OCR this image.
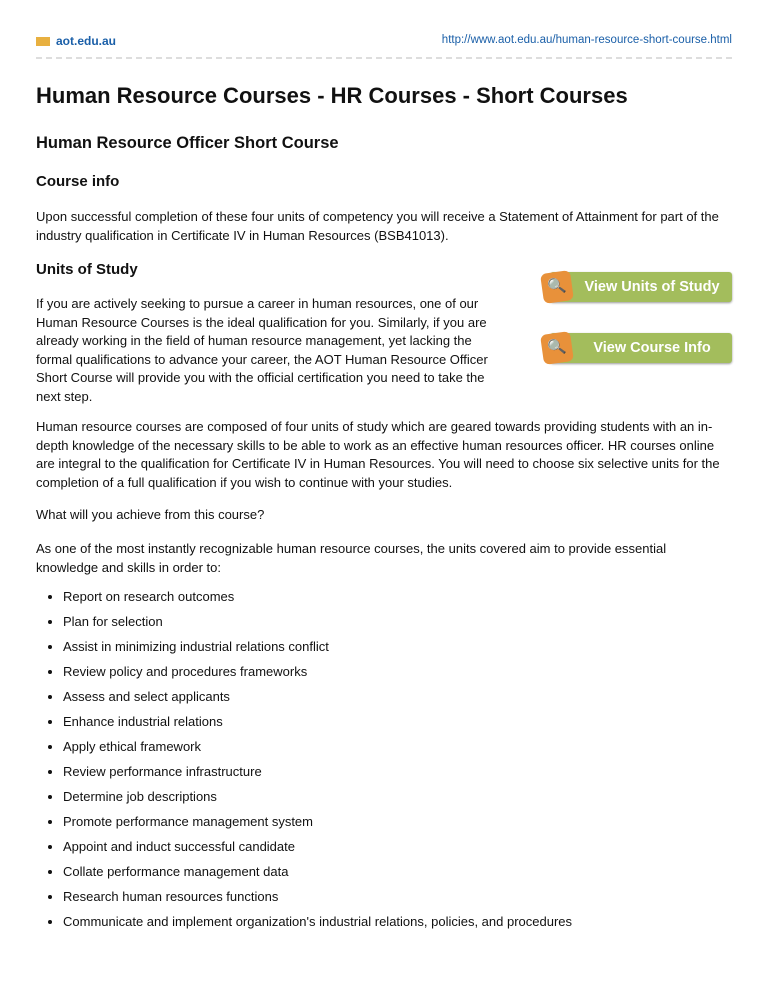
aot.edu.au	http://www.aot.edu.au/human-resource-short-course.html
Human Resource Courses - HR Courses - Short Courses
Human Resource Officer Short Course
Course info

Upon successful completion of these four units of competency you will receive a Statement of Attainment for part of the industry qualification in Certificate IV in Human Resources (BSB41013).

Units of Study

If you are actively seeking to pursue a career in human resources, one of our Human Resource Courses is the ideal qualification for you. Similarly, if you are already working in the field of human resource management, yet lacking the formal qualifications to advance your career, the AOT Human Resource Officer Short Course will provide you with the official certification you need to take the next step.

🔍	View Units of Study
🔍	View Course Info

Human resource courses are composed of four units of study which are geared towards providing students with an in-depth knowledge of the necessary skills to be able to work as an effective human resources officer. HR courses online are integral to the qualification for Certificate IV in Human Resources. You will need to choose six selective units for the completion of a full qualification if you wish to continue with your studies.

What will you achieve from this course?

As one of the most instantly recognizable human resource courses, the units covered aim to provide essential knowledge and skills in order to:

• Report on research outcomes
• Plan for selection
• Assist in minimizing industrial relations conflict
• Review policy and procedures frameworks
• Assess and select applicants
• Enhance industrial relations
• Apply ethical framework
• Review performance infrastructure
• Determine job descriptions
• Promote performance management system
• Appoint and induct successful candidate
• Collate performance management data
• Research human resources functions
• Communicate and implement organization's industrial relations, policies, and procedures
